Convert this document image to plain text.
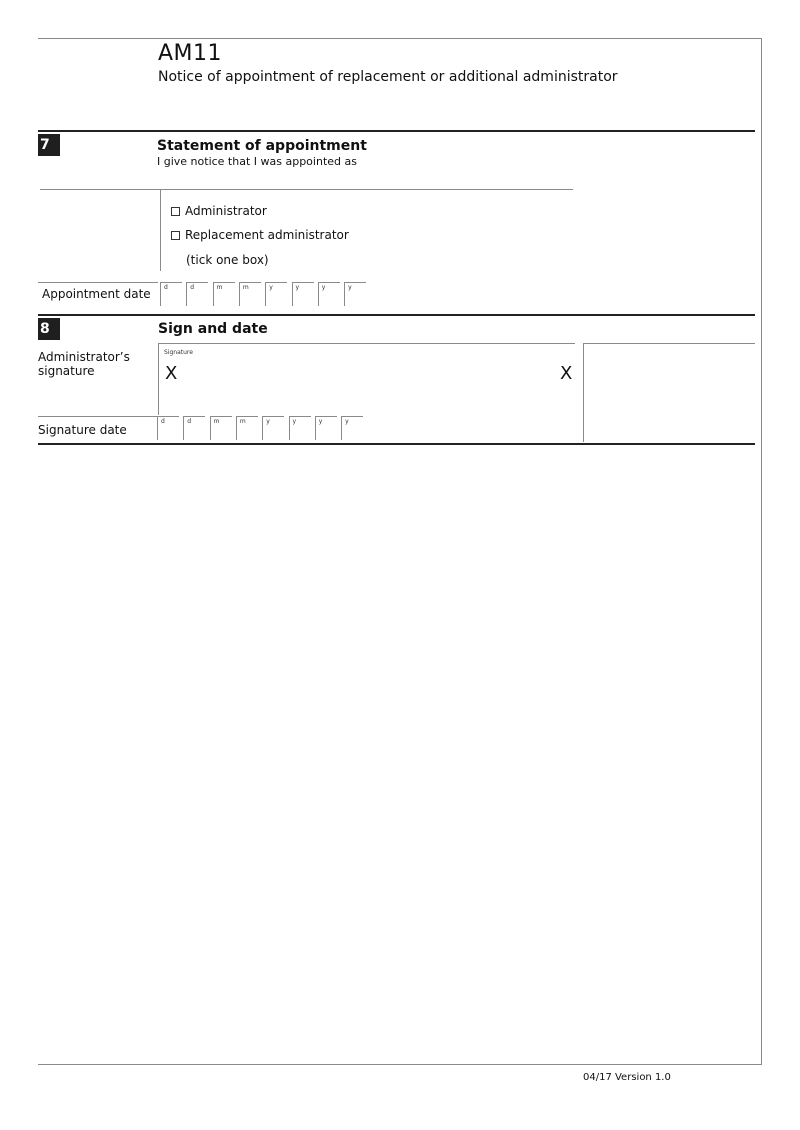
AM11
Notice of appointment of replacement or additional administrator
7	Statement of appointment
I give notice that I was appointed as
Administrator
Replacement administrator
(tick one box)
Appointment date d	d	m	m	y	y	y	y
8	Sign and date
Administrator’s signature
Signature
X	X
Signature date
d	d	m	m	y	y	y	y
04/17 Version 1.0
